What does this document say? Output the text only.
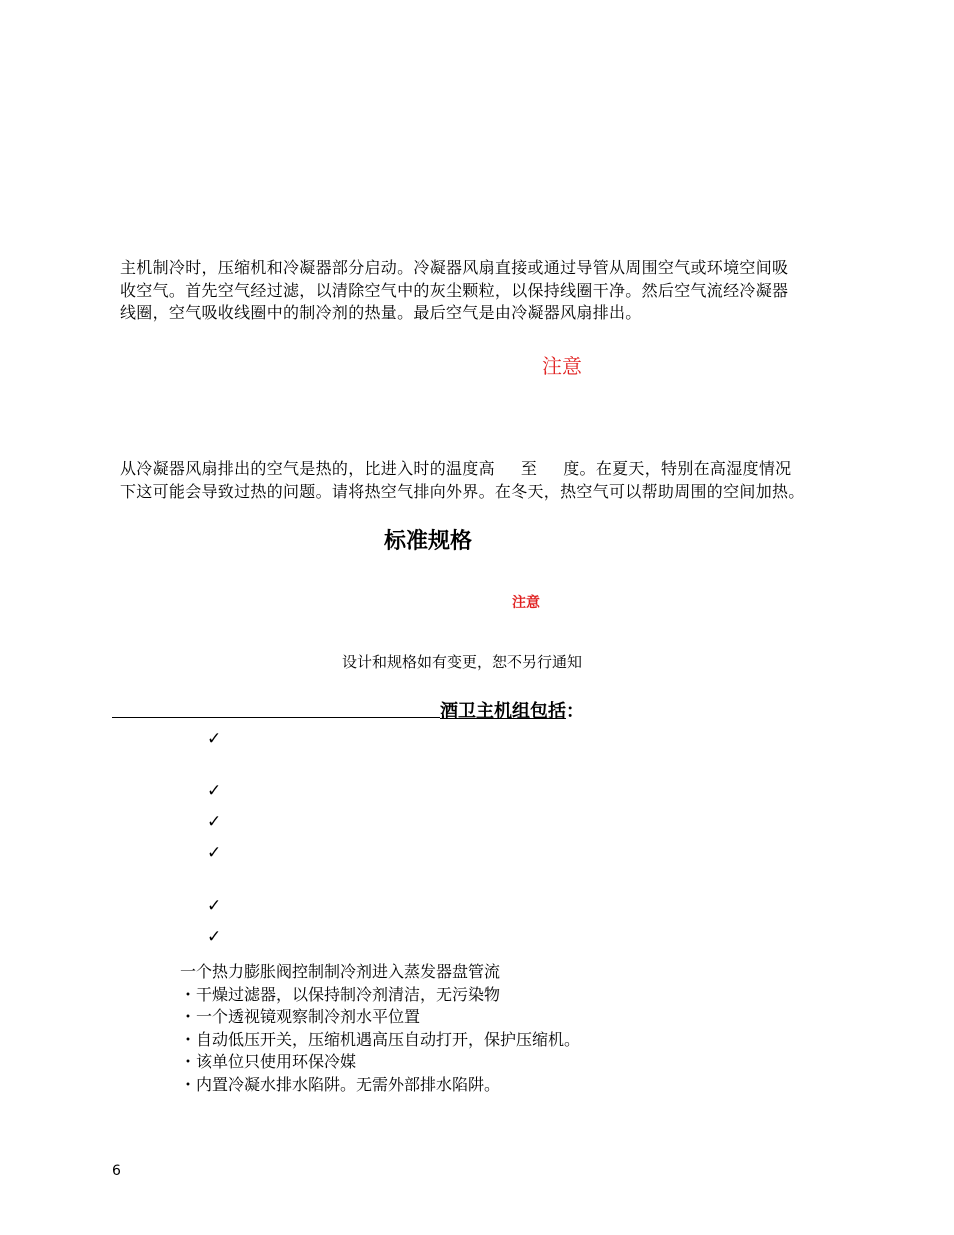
主机制冷时，压缩机和冷凝器部分启动。冷凝器风扇直接或通过导管从周围空气或环境空间吸
收空气。首先空气经过滤，以清除空气中的灰尘颗粒，以保持线圈干净。然后空气流经冷凝器
线圈，空气吸收线圈中的制冷剂的热量。最后空气是由冷凝器风扇排出。
注意
从冷凝器风扇排出的空气是热的，比进入时的温度高 至 度。在夏天，特别在高湿度情况
下这可能会导致过热的问题。请将热空气排向外界。在冬天，热空气可以帮助周围的空间加热。
标准规格
注意
设计和规格如有变更，恕不另行通知
酒卫主机组包括：
✓
✓
✓
✓
✓
✓
一个热力膨胀阀控制制冷剂进入蒸发器盘管流
・干燥过滤器，以保持制冷剂清洁，无污染物
・一个透视镜观察制冷剂水平位置
・自动低压开关，压缩机遇高压自动打开，保护压缩机。
・该单位只使用环保冷媒
・内置冷凝水排水陷阱。无需外部排水陷阱。
6
